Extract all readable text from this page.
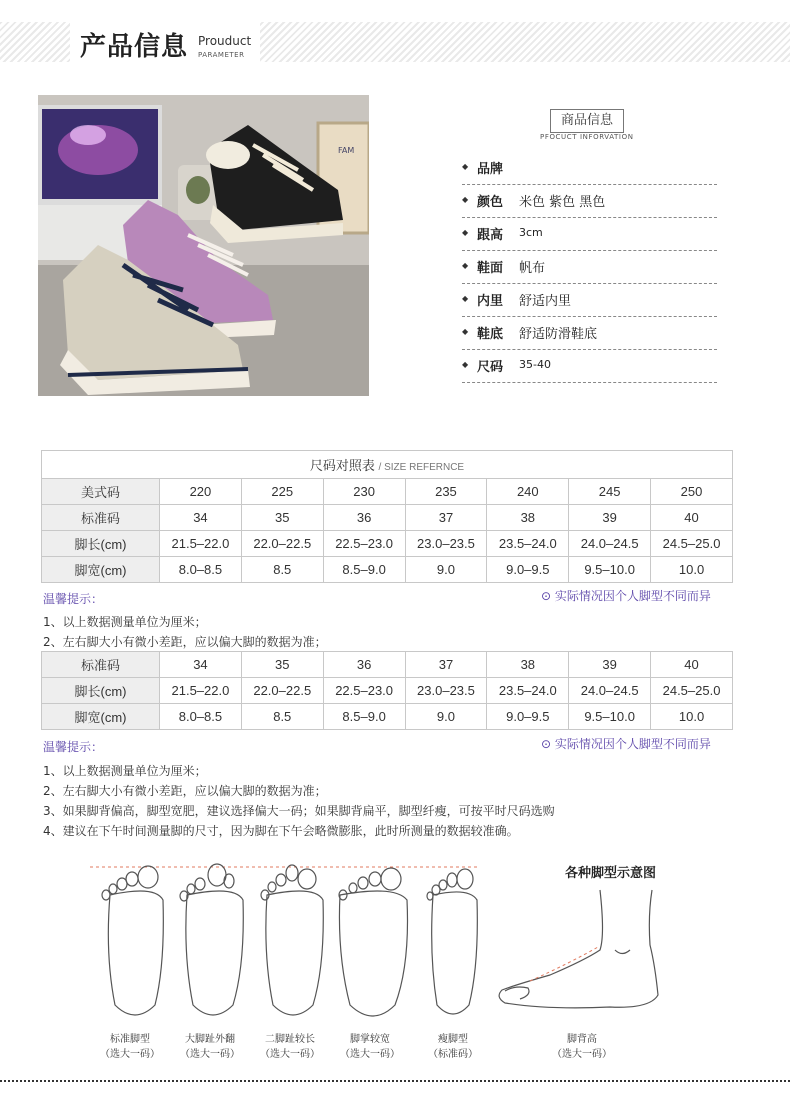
产品信息 Prouduct
PARAMETER
FAM
商品信息
PFOCUCT INFORVATION
◆ 品牌
◆ 颜色 米色 紫色 黑色
◆ 跟高 3cm
◆ 鞋面 帆布
◆ 内里 舒适内里
◆ 鞋底 舒适防滑鞋底
◆ 尺码 35-40
尺码对照表 / SIZE REFERNCE							
美式码	220	225	230	235	240	245	250
标准码	34	35	36	37	38	39	40
脚长(cm)	21.5–22.0	22.0–22.5	22.5–23.0	23.0–23.5	23.5–24.0	24.0–24.5	24.5–25.0
脚宽(cm)	8.0–8.5	8.5	8.5–9.0	9.0	9.0–9.5	9.5–10.0	10.0
温馨提示：	⊙ 实际情况因个人脚型不同而异
1、以上数据测量单位为厘米；
2、左右脚大小有微小差距，应以偏大脚的数据为准；
标准码	34	35	36	37	38	39	40
脚长(cm)	21.5–22.0	22.0–22.5	22.5–23.0	23.0–23.5	23.5–24.0	24.0–24.5	24.5–25.0
脚宽(cm)	8.0–8.5	8.5	8.5–9.0	9.0	9.0–9.5	9.5–10.0	10.0
温馨提示：	⊙ 实际情况因个人脚型不同而异
1、以上数据测量单位为厘米；
2、左右脚大小有微小差距，应以偏大脚的数据为准；
3、如果脚背偏高，脚型宽肥，建议选择偏大一码；如果脚背扁平，脚型纤瘦，可按平时尺码选购
4、建议在下午时间测量脚的尺寸，因为脚在下午会略微膨胀，此时所测量的数据较准确。
标准脚型
（选大一码）
大脚趾外翻
（选大一码）
二脚趾较长
（选大一码）
脚掌较宽
（选大一码）
瘦脚型
（标准码）
各种脚型示意图
脚背高
（选大一码）
